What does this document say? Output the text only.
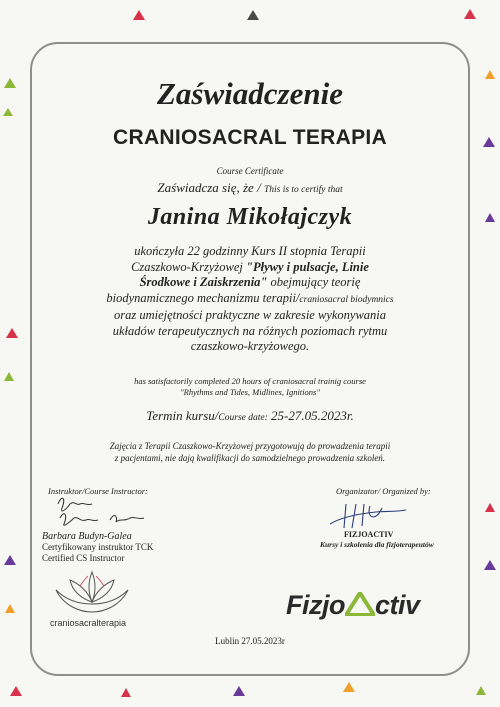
Zaświadczenie
CRANIOSACRAL TERAPIA
Course Certificate
Zaświadcza się, że / This is to certify that
Janina Mikołajczyk
ukończyła 22 godzinny Kurs II stopnia Terapii
Czaszkowo-Krzyżowej "Pływy i pulsacje, Linie
Środkowe i Zaiskrzenia" obejmujący teorię
biodynamicznego mechanizmu terapii/craniosacral biodymnics
oraz umiejętności praktyczne w zakresie wykonywania
układów terapeutycznych na różnych poziomach rytmu
czaszkowo-krzyżowego.
has satisfactorily completed 20 hours of craniosacral trainig course
"Rhythms and Tides, Midlines, Ignitions"
Termin kursu/Course date: 25-27.05.2023r.
Zajęcia z Terapii Czaszkowo-Krzyżowej przygotowują do prowadzenia terapii
z pacjentami, nie dają kwalifikacji do samodzielnego prowadzenia szkoleń.
Instruktor/Course Instructor:
Barbara Budyn-Galea
Certyfikowany instruktor TCK
Certified CS Instructor
Organizator/ Organized by:
FIZJOACTIV
Kursy i szkolenia dla fizjoterapeutów
craniosacralterapia
Fizjo ctiv
Lublin 27.05.2023r
